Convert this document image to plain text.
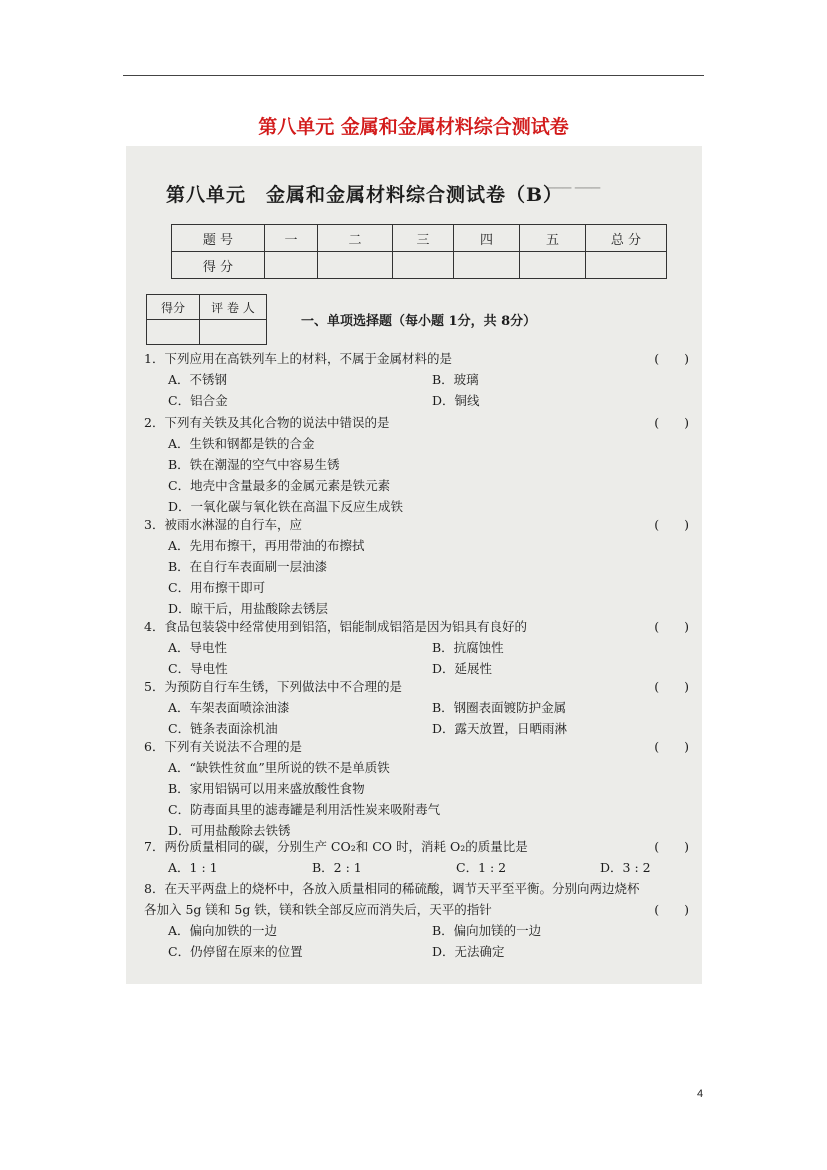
第八单元 金属和金属材料综合测试卷
▁▁▁ ▁▁▁
第八单元　金属和金属材料综合测试卷（B）
题 号	一	二	三	四	五	总 分
得 分						
得分	评 卷 人

一、单项选择题（每小题 1分，共 8分）
1．下列应用在高铁列车上的材料，不属于金属材料的是	(　　)
A．不锈钢	B．玻璃
C．铝合金	D．铜线
2．下列有关铁及其化合物的说法中错误的是	(　　)
A．生铁和钢都是铁的合金
B．铁在潮湿的空气中容易生锈
C．地壳中含量最多的金属元素是铁元素
D．一氧化碳与氧化铁在高温下反应生成铁
3．被雨水淋湿的自行车，应	(　　)
A．先用布擦干，再用带油的布擦拭
B．在自行车表面刷一层油漆
C．用布擦干即可
D．晾干后，用盐酸除去锈层
4．食品包装袋中经常使用到铝箔，铝能制成铝箔是因为铝具有良好的	(　　)
A．导电性	B．抗腐蚀性
C．导电性	D．延展性
5．为预防自行车生锈，下列做法中不合理的是	(　　)
A．车架表面喷涂油漆	B．钢圈表面镀防护金属
C．链条表面涂机油	D．露天放置，日晒雨淋
6．下列有关说法不合理的是	(　　)
A．“缺铁性贫血”里所说的铁不是单质铁
B．家用铝锅可以用来盛放酸性食物
C．防毒面具里的滤毒罐是利用活性炭来吸附毒气
D．可用盐酸除去铁锈
7．两份质量相同的碳，分别生产 CO₂和 CO 时，消耗 O₂的质量比是	(　　)
A．1 : 1	B．2 : 1	C．1 : 2	D．3 : 2
8．在天平两盘上的烧杯中，各放入质量相同的稀硫酸，调节天平至平衡。分别向两边烧杯各加入 5g 镁和 5g 铁，镁和铁全部反应而消失后，天平的指针	(　　)
A．偏向加铁的一边	B．偏向加镁的一边
C．仍停留在原来的位置	D．无法确定
4
